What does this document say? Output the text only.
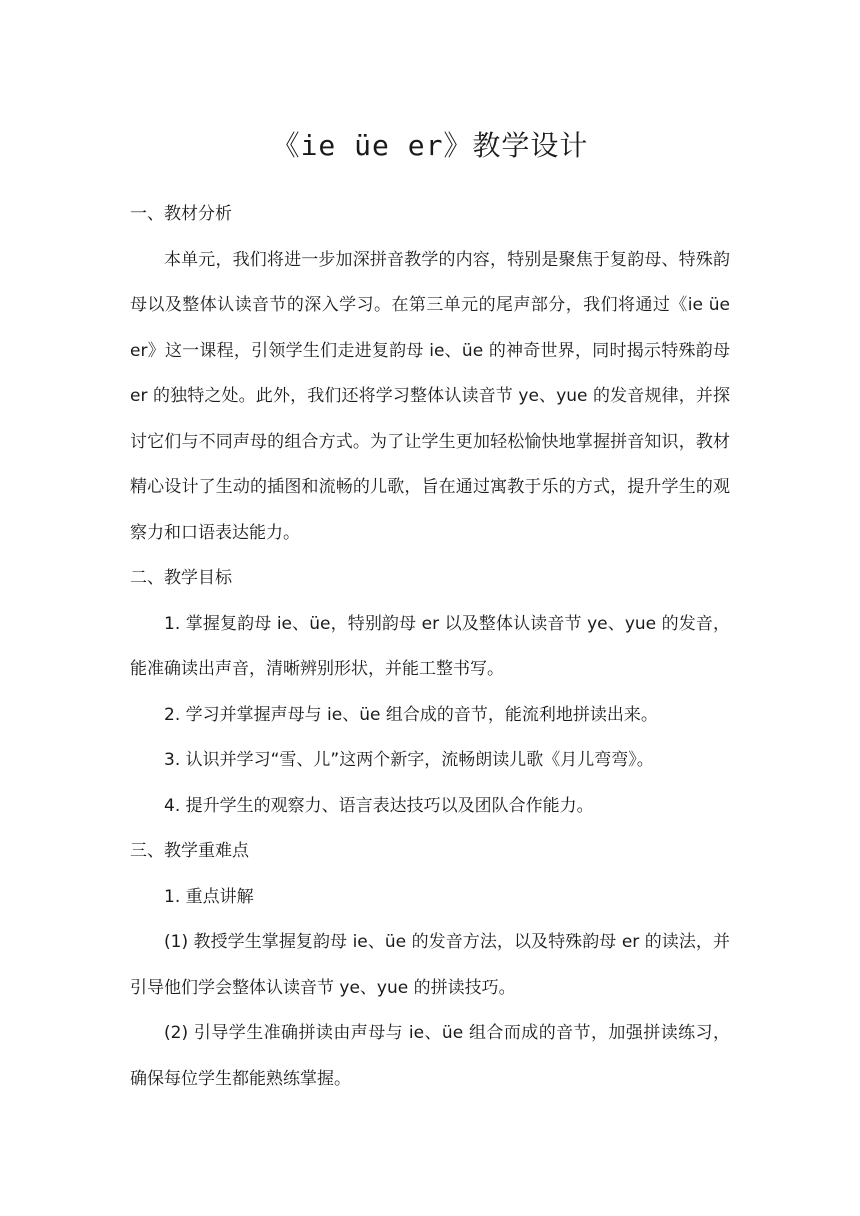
《ie üe er》教学设计
一、教材分析

本单元，我们将进一步加深拼音教学的内容，特别是聚焦于复韵母、特殊韵母以及整体认读音节的深入学习。在第三单元的尾声部分，我们将通过《ie üe er》这一课程，引领学生们走进复韵母 ie、üe 的神奇世界，同时揭示特殊韵母 er 的独特之处。此外，我们还将学习整体认读音节 ye、yue 的发音规律，并探讨它们与不同声母的组合方式。为了让学生更加轻松愉快地掌握拼音知识，教材精心设计了生动的插图和流畅的儿歌，旨在通过寓教于乐的方式，提升学生的观察力和口语表达能力。

二、教学目标

1. 掌握复韵母 ie、üe，特别韵母 er 以及整体认读音节 ye、yue 的发音，能准确读出声音，清晰辨别形状，并能工整书写。

2. 学习并掌握声母与 ie、üe 组合成的音节，能流利地拼读出来。

3. 认识并学习“雪、儿”这两个新字，流畅朗读儿歌《月儿弯弯》。

4. 提升学生的观察力、语言表达技巧以及团队合作能力。

三、教学重难点

1. 重点讲解

(1) 教授学生掌握复韵母 ie、üe 的发音方法，以及特殊韵母 er 的读法，并引导他们学会整体认读音节 ye、yue 的拼读技巧。

(2) 引导学生准确拼读由声母与 ie、üe 组合而成的音节，加强拼读练习，确保每位学生都能熟练掌握。
